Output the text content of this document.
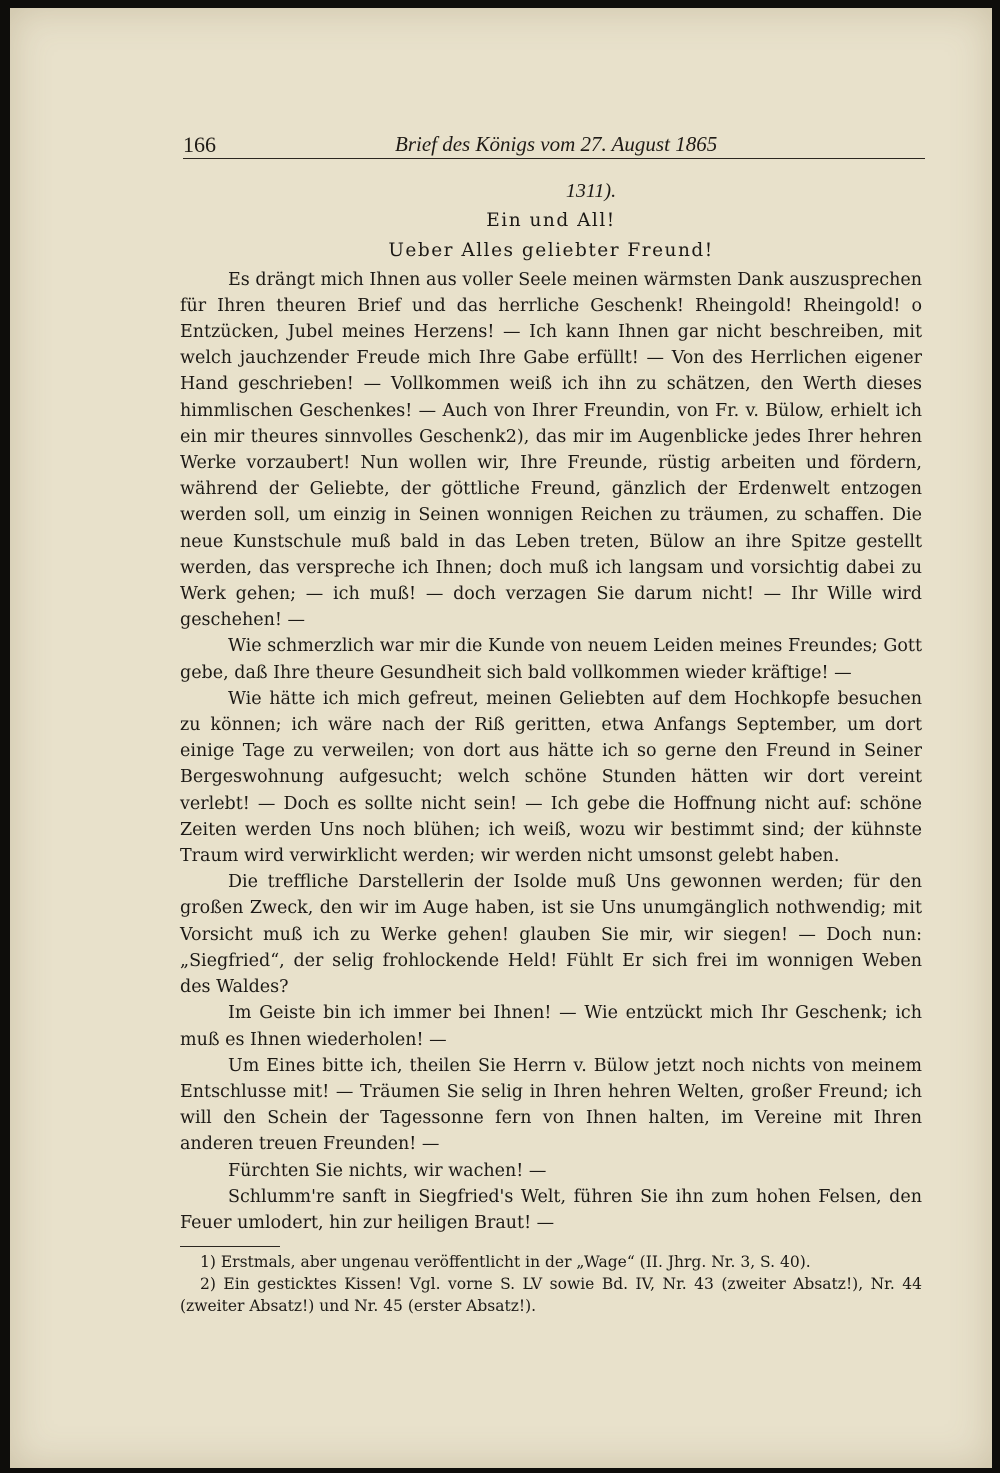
166	Brief des Königs vom 27. August 1865
1311).
Ein und All!
Ueber Alles geliebter Freund!

Es drängt mich Ihnen aus voller Seele meinen wärmsten Dank auszusprechen für Ihren theuren Brief und das herrliche Geschenk! Rheingold! Rheingold! o Entzücken, Jubel meines Herzens! — Ich kann Ihnen gar nicht beschreiben, mit welch jauchzender Freude mich Ihre Gabe erfüllt! — Von des Herrlichen eigener Hand geschrieben! — Vollkommen weiß ich ihn zu schätzen, den Werth dieses himmlischen Geschenkes! — Auch von Ihrer Freundin, von Fr. v. Bülow, erhielt ich ein mir theures sinnvolles Geschenk2), das mir im Augenblicke jedes Ihrer hehren Werke vorzaubert! Nun wollen wir, Ihre Freunde, rüstig arbeiten und fördern, während der Geliebte, der göttliche Freund, gänzlich der Erdenwelt entzogen werden soll, um einzig in Seinen wonnigen Reichen zu träumen, zu schaffen. Die neue Kunstschule muß bald in das Leben treten, Bülow an ihre Spitze gestellt werden, das verspreche ich Ihnen; doch muß ich langsam und vorsichtig dabei zu Werk gehen; — ich muß! — doch verzagen Sie darum nicht! — Ihr Wille wird geschehen! —

Wie schmerzlich war mir die Kunde von neuem Leiden meines Freundes; Gott gebe, daß Ihre theure Gesundheit sich bald vollkommen wieder kräftige! —

Wie hätte ich mich gefreut, meinen Geliebten auf dem Hochkopfe besuchen zu können; ich wäre nach der Riß geritten, etwa Anfangs September, um dort einige Tage zu verweilen; von dort aus hätte ich so gerne den Freund in Seiner Bergeswohnung aufgesucht; welch schöne Stunden hätten wir dort vereint verlebt! — Doch es sollte nicht sein! — Ich gebe die Hoffnung nicht auf: schöne Zeiten werden Uns noch blühen; ich weiß, wozu wir bestimmt sind; der kühnste Traum wird verwirklicht werden; wir werden nicht umsonst gelebt haben.

Die treffliche Darstellerin der Isolde muß Uns gewonnen werden; für den großen Zweck, den wir im Auge haben, ist sie Uns unumgänglich nothwendig; mit Vorsicht muß ich zu Werke gehen! glauben Sie mir, wir siegen! — Doch nun: „Siegfried“, der selig frohlockende Held! Fühlt Er sich frei im wonnigen Weben des Waldes?

Im Geiste bin ich immer bei Ihnen! — Wie entzückt mich Ihr Geschenk; ich muß es Ihnen wiederholen! —

Um Eines bitte ich, theilen Sie Herrn v. Bülow jetzt noch nichts von meinem Entschlusse mit! — Träumen Sie selig in Ihren hehren Welten, großer Freund; ich will den Schein der Tagessonne fern von Ihnen halten, im Vereine mit Ihren anderen treuen Freunden! —

Fürchten Sie nichts, wir wachen! —

Schlumm're sanft in Siegfried's Welt, führen Sie ihn zum hohen Felsen, den Feuer umlodert, hin zur heiligen Braut! —

1) Erstmals, aber ungenau veröffentlicht in der „Wage“ (II. Jhrg. Nr. 3, S. 40).

2) Ein gesticktes Kissen! Vgl. vorne S. LV sowie Bd. IV, Nr. 43 (zweiter Absatz!), Nr. 44 (zweiter Absatz!) und Nr. 45 (erster Absatz!).
